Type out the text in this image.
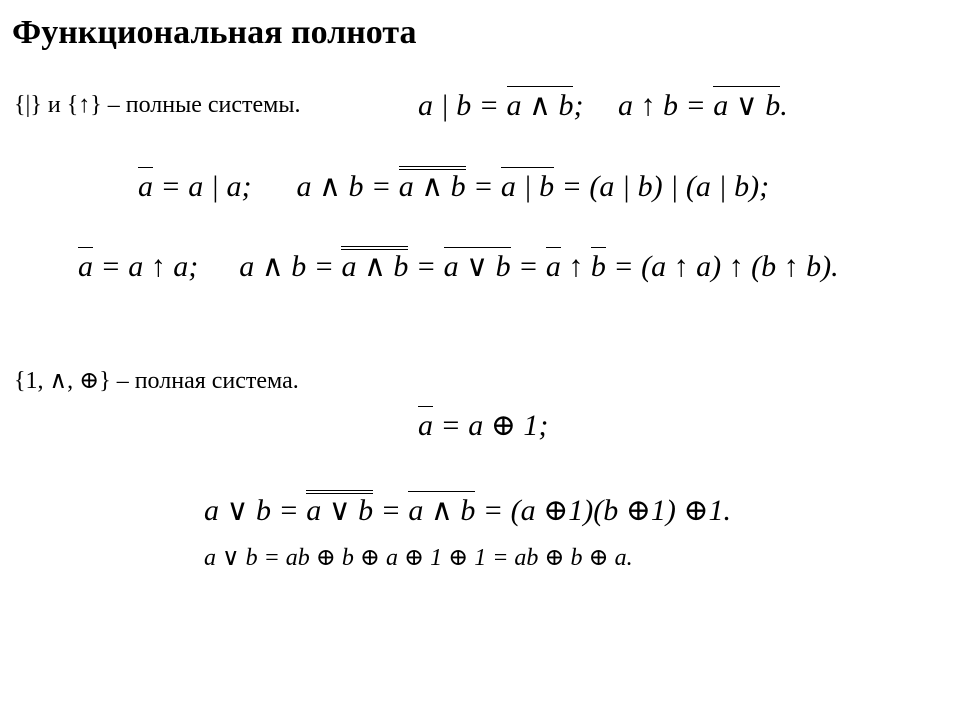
Функциональная полнота
{|} и {↑} – полные системы.	a | b = a ∧ b; a ↑ b = a ∨ b.
a = a | a; a ∧ b = a ∧ b = a | b = (a | b) | (a | b);
a = a ↑ a; a ∧ b = a ∧ b = a ∨ b = a ↑ b = (a ↑ a) ↑ (b ↑ b).
{1, ∧, ⊕} – полная система.
a = a ⊕ 1;
a ∨ b = a ∨ b = a ∧ b = (a ⊕1)(b ⊕1) ⊕1.
a ∨ b = ab ⊕ b ⊕ a ⊕ 1 ⊕ 1 = ab ⊕ b ⊕ a.
